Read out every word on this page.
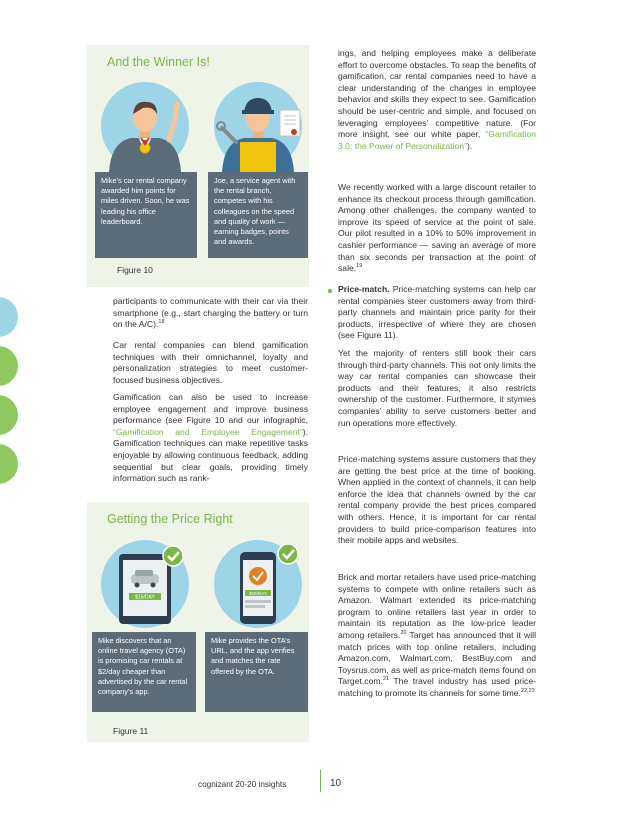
And the Winner Is!
Mike’s car rental company awarded him points for miles driven. Soon, he was leading his office leaderboard.
Joe, a service agent with the rental branch, competes with his colleagues on the speed and quality of work — earning badges, points and awards.
Figure 10

participants to communicate with their car via their smartphone (e.g., start charging the battery or turn on the A/C).$^{18}$

Car rental companies can blend gamification techniques with their omnichannel, loyalty and personalization strategies to meet customer-focused business objectives.

Gamification can also be used to increase employee engagement and improve business performance (see Figure 10 and our infographic, “Gamification and Employee Engagement”). Gamification techniques can make repetitive tasks enjoyable by allowing continuous feedback, adding sequential but clear goals, providing timely information such as rank-

Getting the Price Right
$16/DAY
$15/DAY
Mike discovers that an online travel agency (OTA) is promising car rentals at $2/day cheaper than advertised by the car rental company’s app.
Mike provides the OTA’s URL, and the app verifies and matches the rate offered by the OTA.
Figure 11

ings, and helping employees make a deliberate effort to overcome obstacles. To reap the benefits of gamification, car rental companies need to have a clear understanding of the changes in employee behavior and skills they expect to see. Gamification should be user-centric and simple, and focused on leveraging employees’ competitive nature. (For more insight, see our white paper, “Gamification 3.0: the Power of Personalization”).

We recently worked with a large discount retailer to enhance its checkout process through gamification. Among other challenges, the company wanted to improve its speed of service at the point of sale. Our pilot resulted in a 10% to 50% improvement in cashier performance — saving an average of more than six seconds per transaction at the point of sale.$^{19}$

Price-match. Price-matching systems can help car rental companies steer customers away from third-party channels and maintain price parity for their products, irrespective of where they are chosen (see Figure 11).

Yet the majority of renters still book their cars through third-party channels. This not only limits the way car rental companies can showcase their products and their features, it also restricts ownership of the customer. Furthermore, it stymies companies’ ability to serve customers better and run operations more effectively.

Price-matching systems assure customers that they are getting the best price at the time of booking. When applied in the context of channels, it can help enforce the idea that channels owned by the car rental company provide the best prices compared with others. Hence, it is important for car rental providers to build price-comparison features into their mobile apps and websites.

Brick and mortar retailers have used price-matching systems to compete with online retailers such as Amazon. Walmart extended its price-matching program to online retailers last year in order to maintain its reputation as the low-price leader among retailers.$^{20}$ Target has announced that it will match prices with top online retailers, including Amazon.com, Walmart.com, BestBuy.com and Toysrus.com, as well as price-match items found on Target.com.$^{21}$ The travel industry has used price-matching to promote its channels for some time.$^{22,23}$

cognizant 20-20 insights	10
